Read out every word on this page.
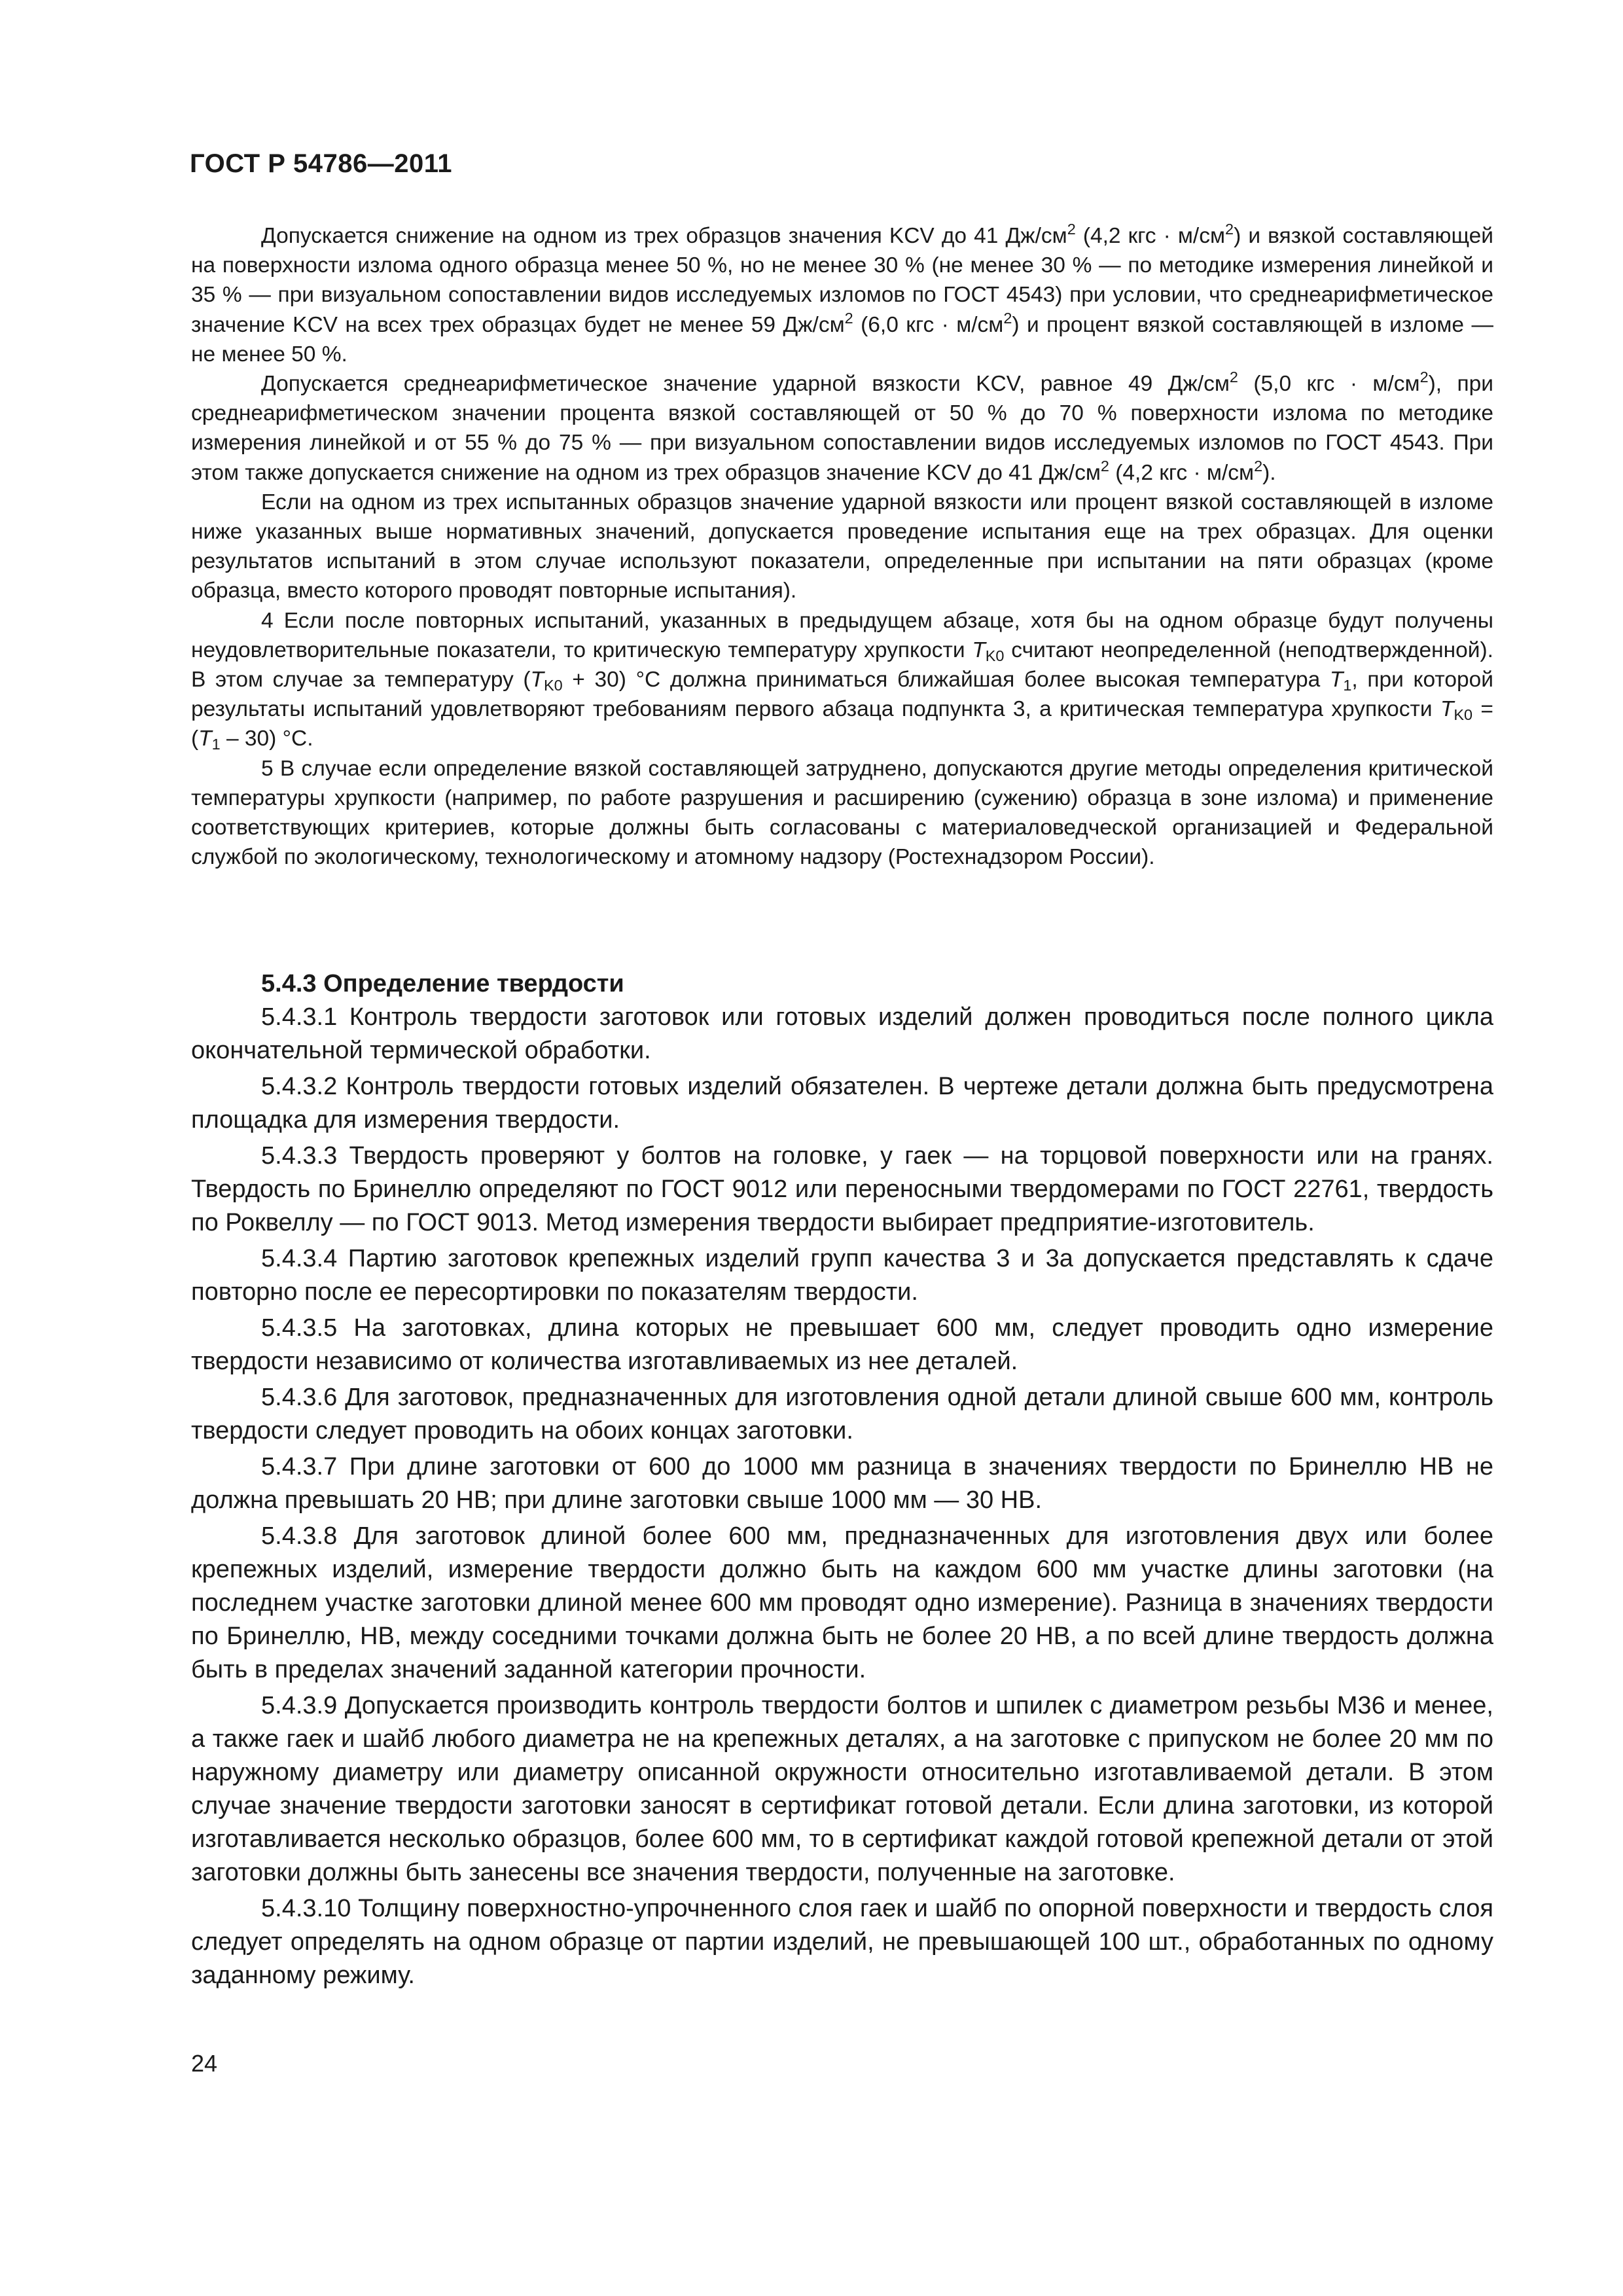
ГОСТ Р 54786—2011

Допускается снижение на одном из трех образцов значения KCV до 41 $Дж/см^2$ (4,2 кгс · $м/см^2$) и вязкой составляющей на поверхности излома одного образца менее 50 %, но не менее 30 % (не менее 30 % — по методике измерения линейкой и 35 % — при визуальном сопоставлении видов исследуемых изломов по ГОСТ 4543) при условии, что среднеарифметическое значение KCV на всех трех образцах будет не менее 59 $Дж/см^2$ (6,0 кгс · $м/см^2$) и процент вязкой составляющей в изломе — не менее 50 %.

Допускается среднеарифметическое значение ударной вязкости KCV, равное 49 $Дж/см^2$ (5,0 кгс · $м/см^2$), при среднеарифметическом значении процента вязкой составляющей от 50 % до 70 % поверхности излома по методике измерения линейкой и от 55 % до 75 % — при визуальном сопоставлении видов исследуемых изломов по ГОСТ 4543. При этом также допускается снижение на одном из трех образцов значение KCV до 41 $Дж/см^2$ (4,2 кгс · $м/см^2$).

Если на одном из трех испытанных образцов значение ударной вязкости или процент вязкой составляющей в изломе ниже указанных выше нормативных значений, допускается проведение испытания еще на трех образцах. Для оценки результатов испытаний в этом случае используют показатели, определенные при испытании на пяти образцах (кроме образца, вместо которого проводят повторные испытания).

4 Если после повторных испытаний, указанных в предыдущем абзаце, хотя бы на одном образце будут получены неудовлетворительные показатели, то критическую температуру хрупкости $T_{K0}$ считают неопределенной (неподтвержденной). В этом случае за температуру $(T_{K0} + 30)$ °С должна приниматься ближайшая более высокая температура $T_1$, при которой результаты испытаний удовлетворяют требованиям первого абзаца подпункта 3, а критическая температура хрупкости $T_{K0} = (T_1 - 30)$ °С.

5 В случае если определение вязкой составляющей затруднено, допускаются другие методы определения критической температуры хрупкости (например, по работе разрушения и расширению (сужению) образца в зоне излома) и применение соответствующих критериев, которые должны быть согласованы с материаловедческой организацией и Федеральной службой по экологическому, технологическому и атомному надзору (Ростехнадзором России).

5.4.3 Определение твердости

5.4.3.1 Контроль твердости заготовок или готовых изделий должен проводиться после полного цикла окончательной термической обработки.

5.4.3.2 Контроль твердости готовых изделий обязателен. В чертеже детали должна быть предусмотрена площадка для измерения твердости.

5.4.3.3 Твердость проверяют у болтов на головке, у гаек — на торцовой поверхности или на гранях. Твердость по Бринеллю определяют по ГОСТ 9012 или переносными твердомерами по ГОСТ 22761, твердость по Роквеллу — по ГОСТ 9013. Метод измерения твердости выбирает предприятие-изготовитель.

5.4.3.4 Партию заготовок крепежных изделий групп качества 3 и 3а допускается представлять к сдаче повторно после ее пересортировки по показателям твердости.

5.4.3.5 На заготовках, длина которых не превышает 600 мм, следует проводить одно измерение твердости независимо от количества изготавливаемых из нее деталей.

5.4.3.6 Для заготовок, предназначенных для изготовления одной детали длиной свыше 600 мм, контроль твердости следует проводить на обоих концах заготовки.

5.4.3.7 При длине заготовки от 600 до 1000 мм разница в значениях твердости по Бринеллю НВ не должна превышать 20 НВ; при длине заготовки свыше 1000 мм — 30 НВ.

5.4.3.8 Для заготовок длиной более 600 мм, предназначенных для изготовления двух или более крепежных изделий, измерение твердости должно быть на каждом 600 мм участке длины заготовки (на последнем участке заготовки длиной менее 600 мм проводят одно измерение). Разница в значениях твердости по Бринеллю, НВ, между соседними точками должна быть не более 20 НВ, а по всей длине твердость должна быть в пределах значений заданной категории прочности.

5.4.3.9 Допускается производить контроль твердости болтов и шпилек с диаметром резьбы М36 и менее, а также гаек и шайб любого диаметра не на крепежных деталях, а на заготовке с припуском не более 20 мм по наружному диаметру или диаметру описанной окружности относительно изготавливаемой детали. В этом случае значение твердости заготовки заносят в сертификат готовой детали. Если длина заготовки, из которой изготавливается несколько образцов, более 600 мм, то в сертификат каждой готовой крепежной детали от этой заготовки должны быть занесены все значения твердости, полученные на заготовке.

5.4.3.10 Толщину поверхностно-упрочненного слоя гаек и шайб по опорной поверхности и твердость слоя следует определять на одном образце от партии изделий, не превышающей 100 шт., обработанных по одному заданному режиму.

24
